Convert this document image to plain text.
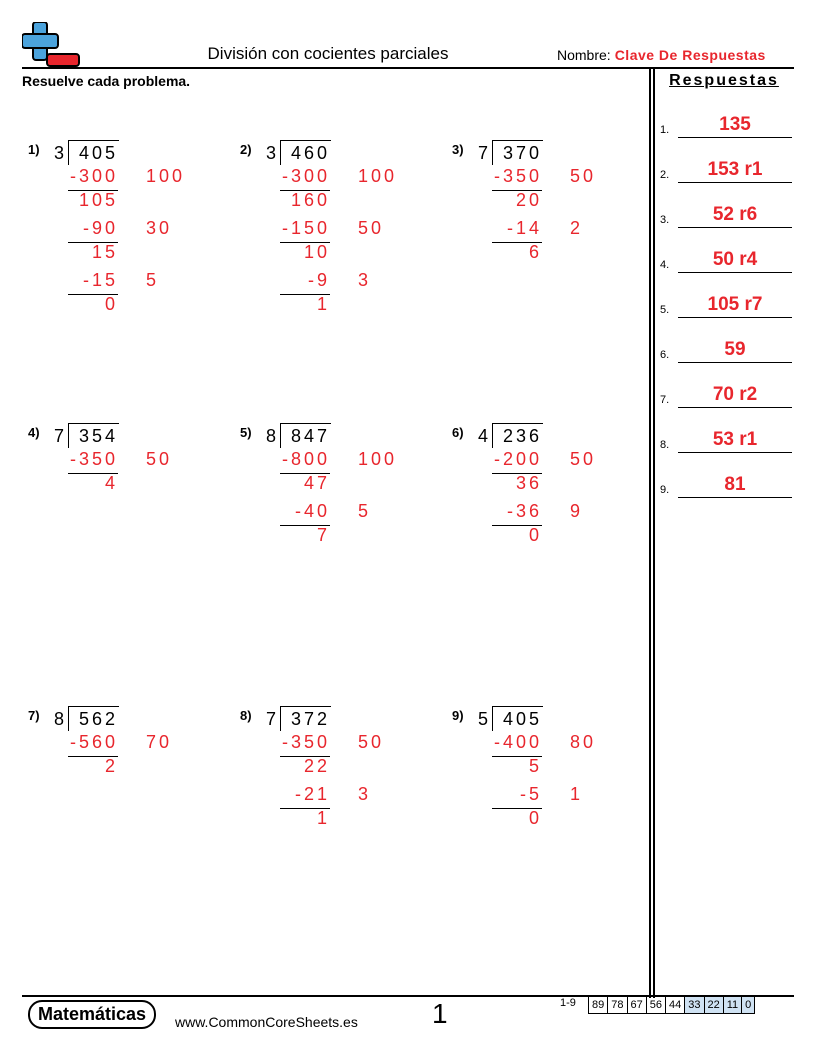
División con cocientes parciales	Nombre: Clave De Respuestas
Resuelve cada problema.	Respuestas
1.	135
2.	153 r1
3.	52 r6
4.	50 r4
5.	105 r7
6.	59
7.	70 r2
8.	53 r1
9.	81
1) 3 405
-300 100
105
-90 30
15
-15 5
0
2) 3 460
-300 100
160
-150 50
10
-9 3
1
3) 7 370
-350 50
20
-14 2
6
4) 7 354
-350 50
4
5) 8 847
-800 100
47
-40 5
7
6) 4 236
-200 50
36
-36 9
0
7) 8 562
-560 70
2
8) 7 372
-350 50
22
-21 3
1
9) 5 405
-400 80
5
-5 1
0
Matemáticas	www.CommonCoreSheets.es	1	1-9 89	78	67	56	44	33	22	11	0
